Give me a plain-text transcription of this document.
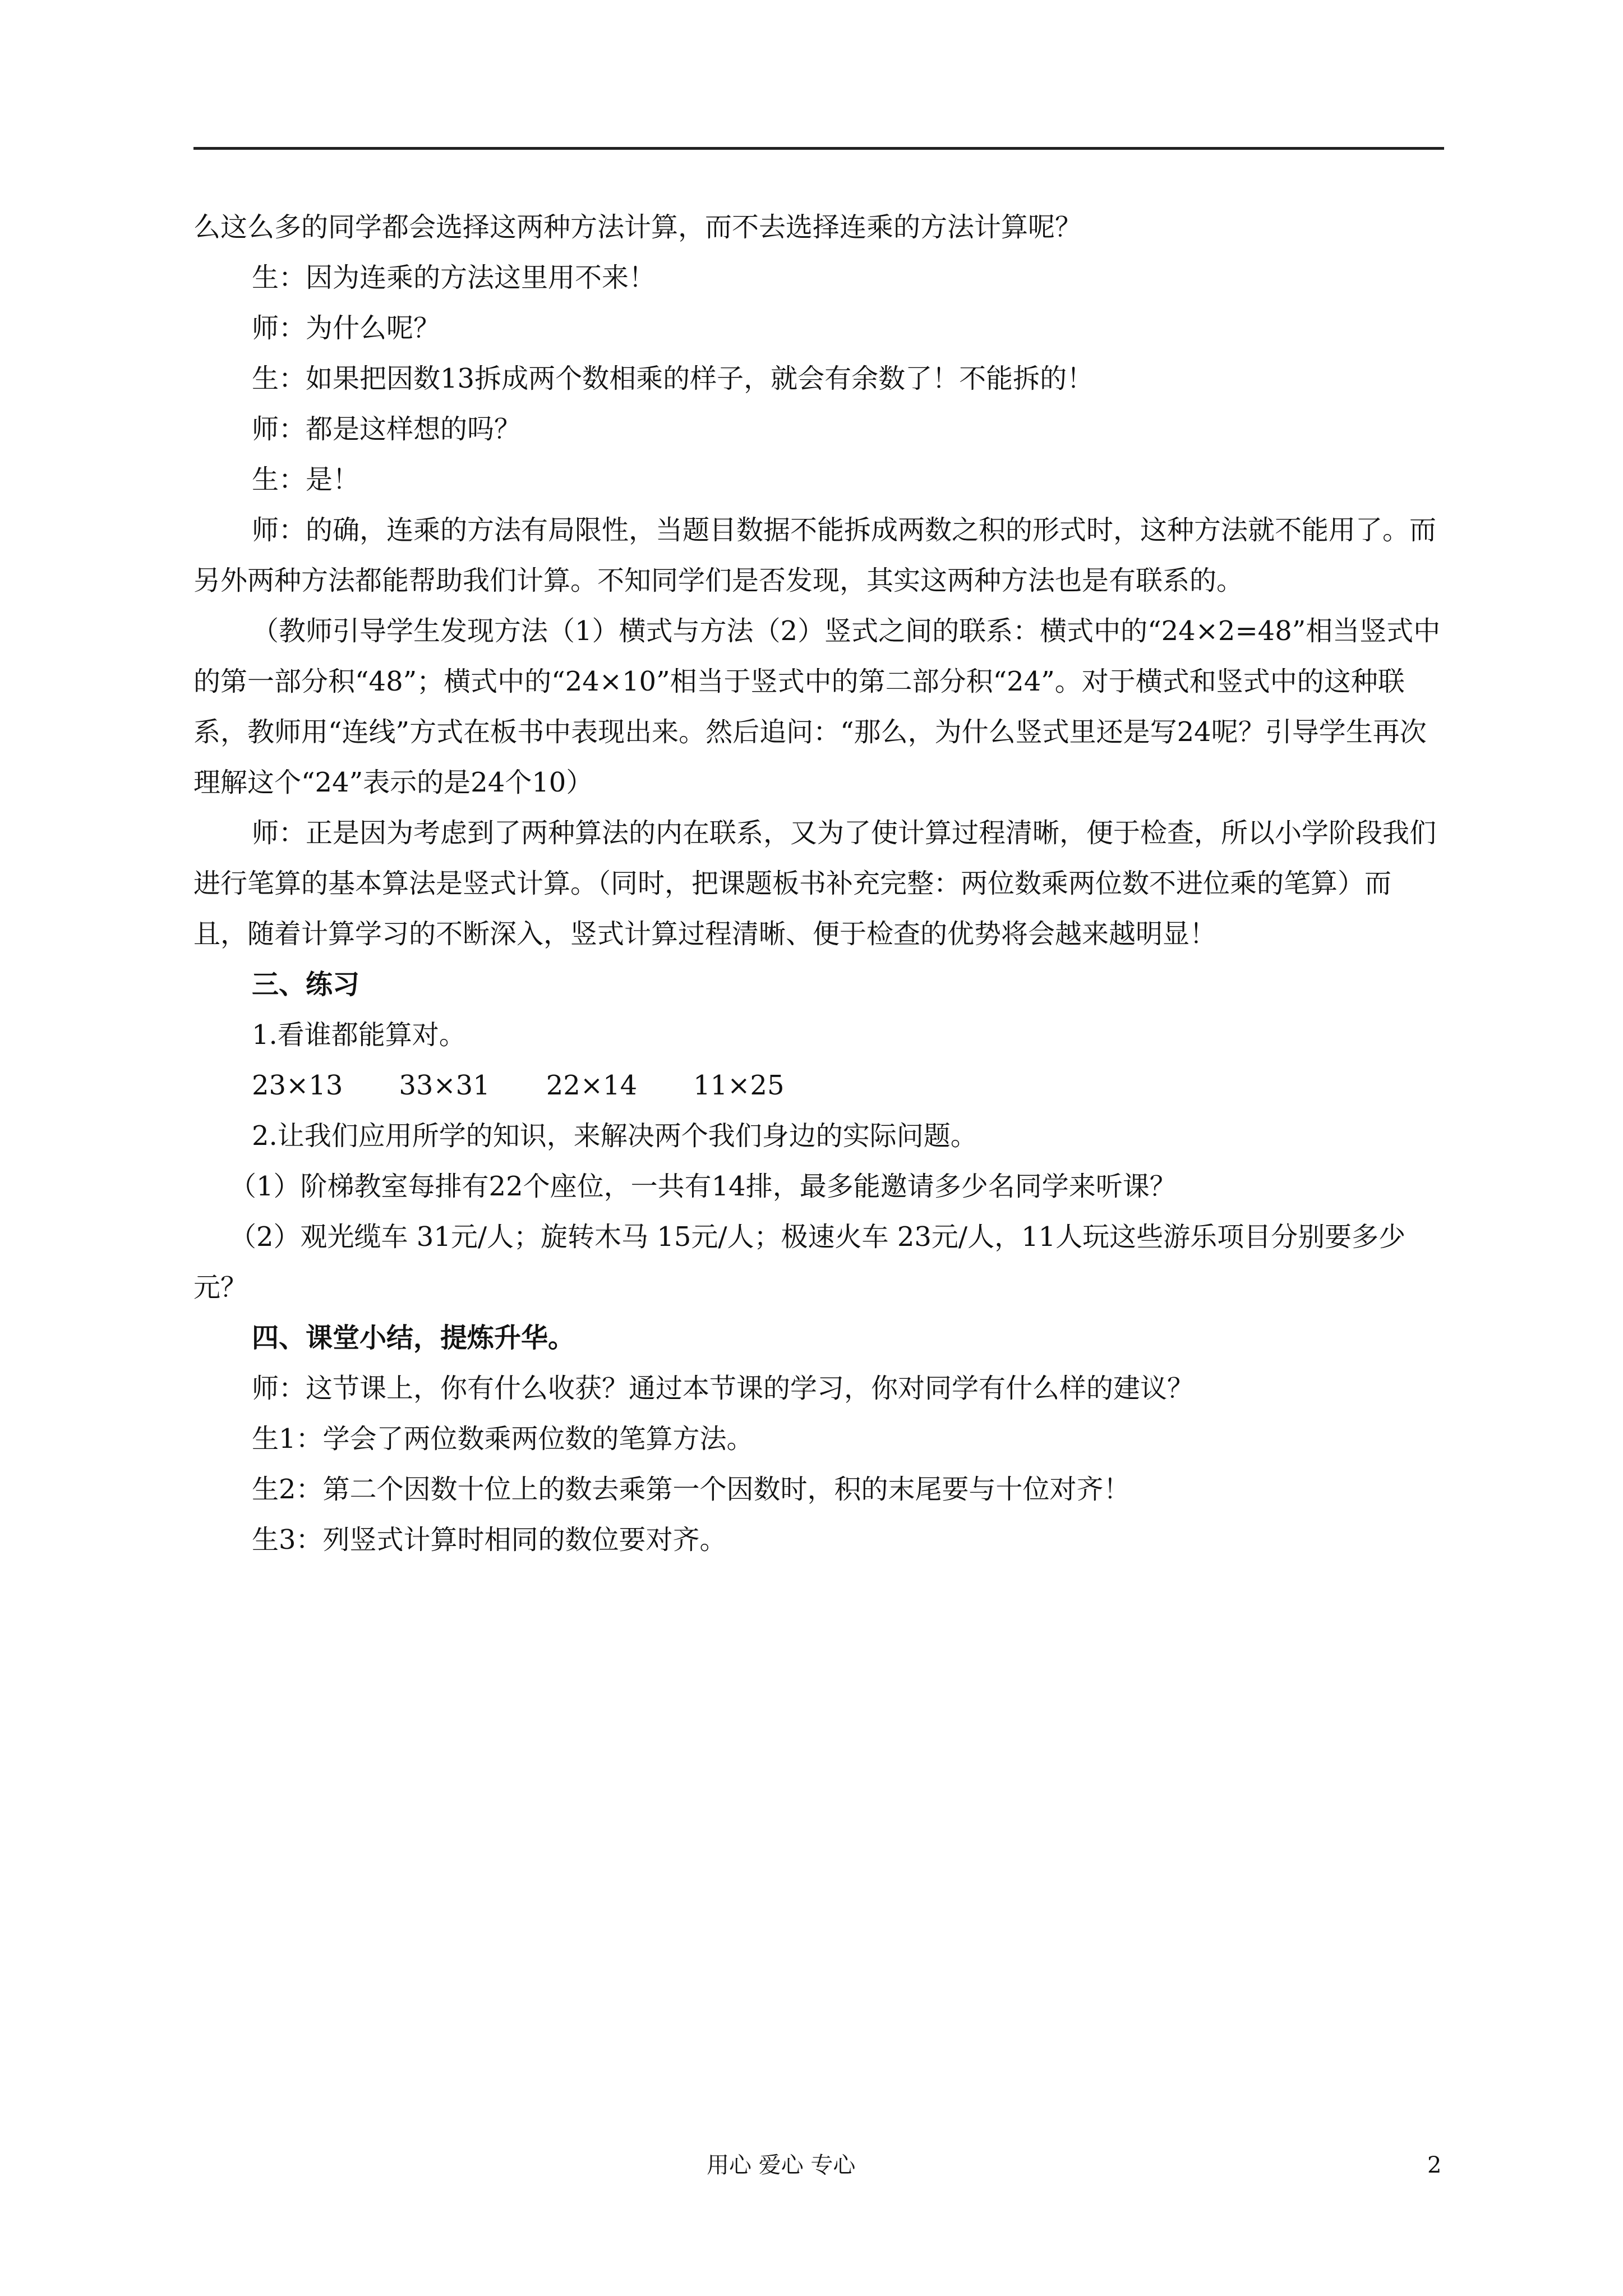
么这么多的同学都会选择这两种方法计算，而不去选择连乘的方法计算呢？

生：因为连乘的方法这里用不来！

师：为什么呢？

生：如果把因数13拆成两个数相乘的样子，就会有余数了！不能拆的！

师：都是这样想的吗？

生：是！

师：的确，连乘的方法有局限性，当题目数据不能拆成两数之积的形式时，这种方法就不能用了。而另外两种方法都能帮助我们计算。不知同学们是否发现，其实这两种方法也是有联系的。

（教师引导学生发现方法（1）横式与方法（2）竖式之间的联系：横式中的“24×2=48”相当竖式中的第一部分积“48”；横式中的“24×10”相当于竖式中的第二部分积“24”。对于横式和竖式中的这种联系，教师用“连线”方式在板书中表现出来。然后追问：“那么，为什么竖式里还是写24呢？引导学生再次理解这个“24”表示的是24个10）

师：正是因为考虑到了两种算法的内在联系，又为了使计算过程清晰，便于检查，所以小学阶段我们进行笔算的基本算法是竖式计算。（同时，把课题板书补充完整：两位数乘两位数不进位乘的笔算）而且，随着计算学习的不断深入，竖式计算过程清晰、便于检查的优势将会越来越明显！

三、练习

1.看谁都能算对。

23×13 33×31 22×14 11×25

2.让我们应用所学的知识，来解决两个我们身边的实际问题。

（1）阶梯教室每排有22个座位，一共有14排，最多能邀请多少名同学来听课？

（2）观光缆车 31元/人；旋转木马 15元/人；极速火车 23元/人，11人玩这些游乐项目分别要多少元？

四、课堂小结，提炼升华。

师：这节课上，你有什么收获？通过本节课的学习，你对同学有什么样的建议？

生1：学会了两位数乘两位数的笔算方法。

生2：第二个因数十位上的数去乘第一个因数时，积的末尾要与十位对齐！

生3：列竖式计算时相同的数位要对齐。

用心 爱心 专心	2
